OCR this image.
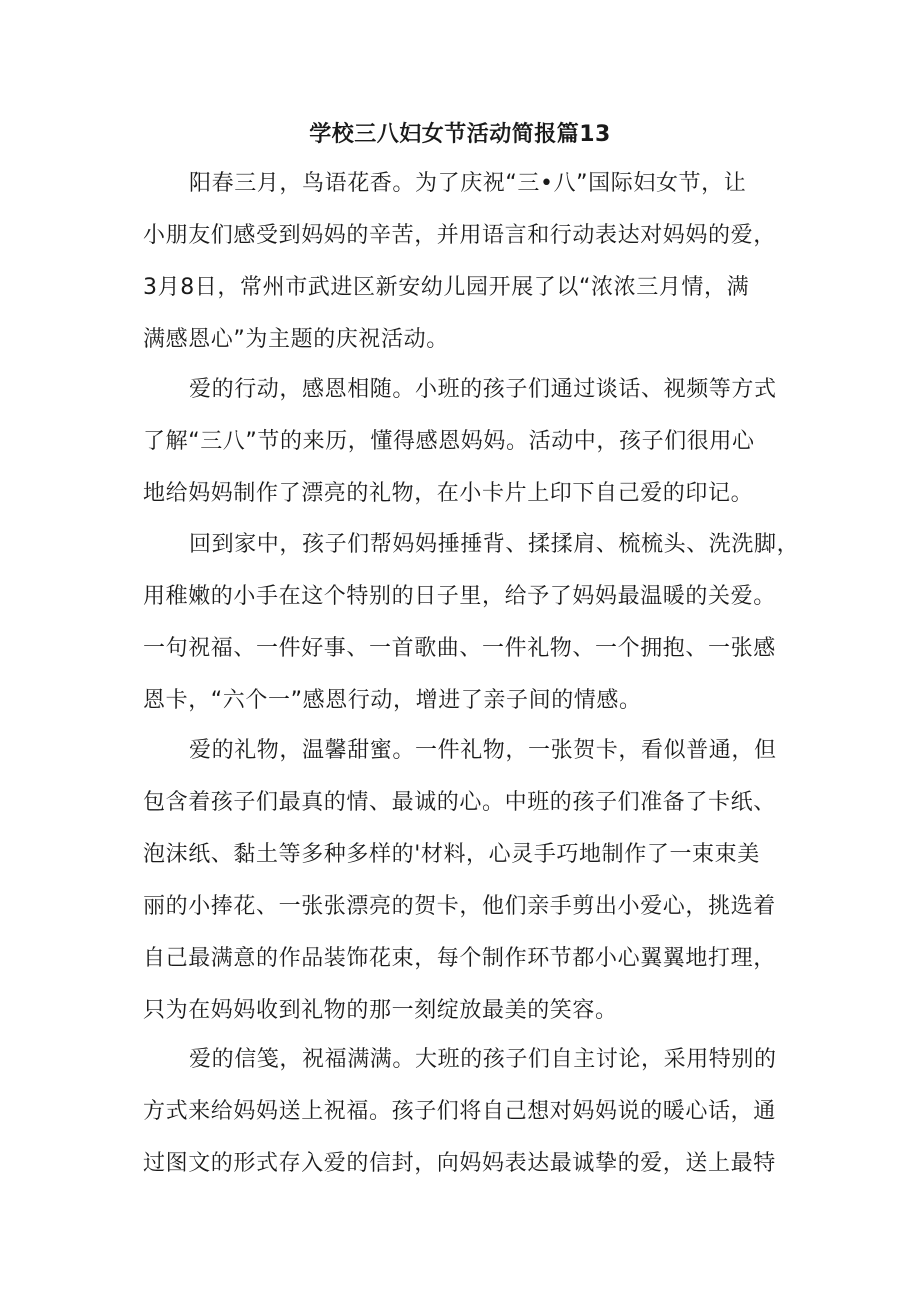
学校三八妇女节活动简报篇13
阳春三月，鸟语花香。为了庆祝“三•八”国际妇女节，让
小朋友们感受到妈妈的辛苦，并用语言和行动表达对妈妈的爱，
3月8日，常州市武进区新安幼儿园开展了以“浓浓三月情，满
满感恩心”为主题的庆祝活动。
爱的行动，感恩相随。小班的孩子们通过谈话、视频等方式
了解“三八”节的来历，懂得感恩妈妈。活动中，孩子们很用心
地给妈妈制作了漂亮的礼物，在小卡片上印下自己爱的印记。
回到家中，孩子们帮妈妈捶捶背、揉揉肩、梳梳头、洗洗脚，
用稚嫩的小手在这个特别的日子里，给予了妈妈最温暖的关爱。
一句祝福、一件好事、一首歌曲、一件礼物、一个拥抱、一张感
恩卡，“六个一”感恩行动，增进了亲子间的情感。
爱的礼物，温馨甜蜜。一件礼物，一张贺卡，看似普通，但
包含着孩子们最真的情、最诚的心。中班的孩子们准备了卡纸、
泡沫纸、黏土等多种多样的'材料，心灵手巧地制作了一束束美
丽的小捧花、一张张漂亮的贺卡，他们亲手剪出小爱心，挑选着
自己最满意的作品装饰花束，每个制作环节都小心翼翼地打理，
只为在妈妈收到礼物的那一刻绽放最美的笑容。
爱的信笺，祝福满满。大班的孩子们自主讨论，采用特别的
方式来给妈妈送上祝福。孩子们将自己想对妈妈说的暖心话，通
过图文的形式存入爱的信封，向妈妈表达最诚挚的爱，送上最特
